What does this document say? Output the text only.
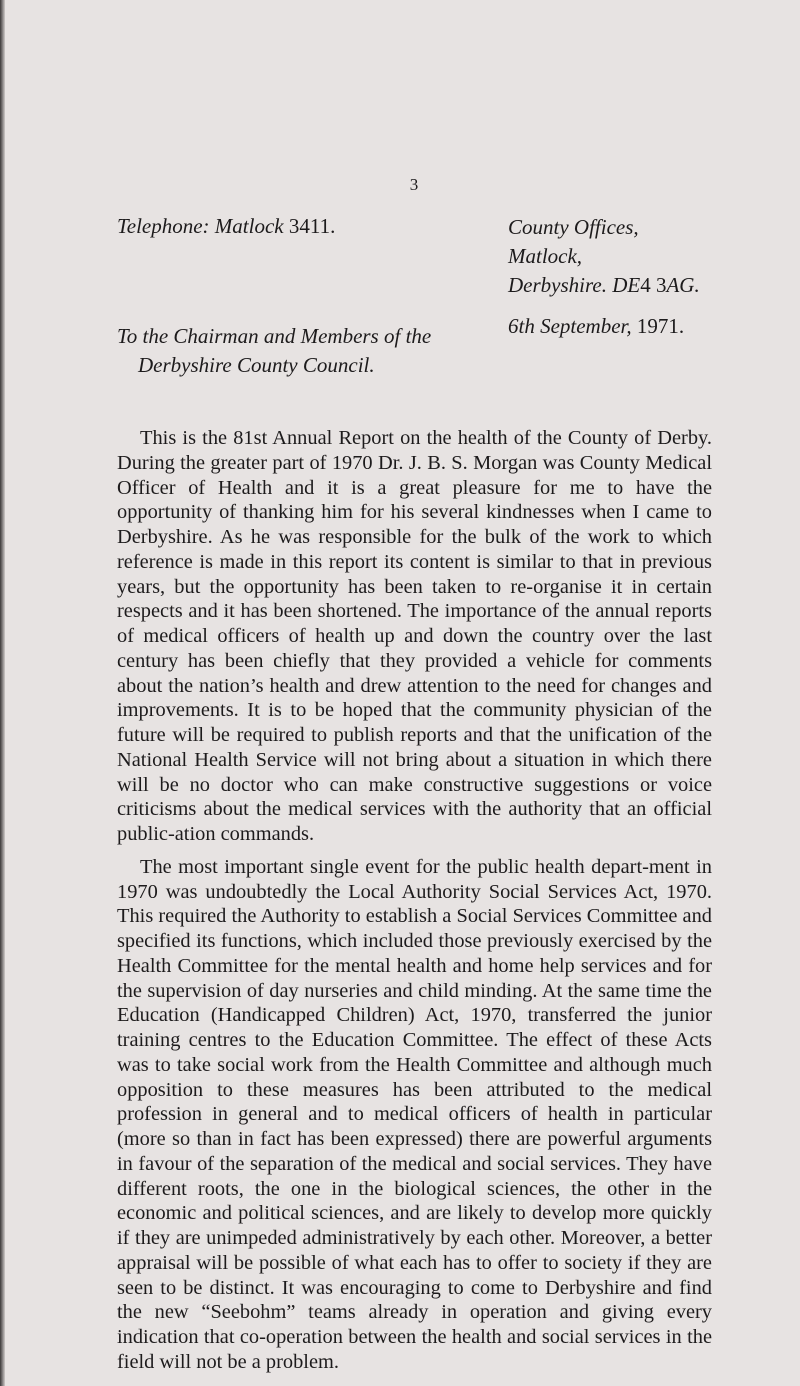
3
Telephone: Matlock 3411.	County Offices,
Matlock,
Derbyshire. DE4 3AG.
6th September, 1971.
To the Chairman and Members of the
Derbyshire County Council.

This is the 81st Annual Report on the health of the County of Derby. During the greater part of 1970 Dr. J. B. S. Morgan was County Medical Officer of Health and it is a great pleasure for me to have the opportunity of thanking him for his several kindnesses when I came to Derbyshire. As he was responsible for the bulk of the work to which reference is made in this report its content is similar to that in previous years, but the opportunity has been taken to re-organise it in certain respects and it has been shortened. The importance of the annual reports of medical officers of health up and down the country over the last century has been chiefly that they provided a vehicle for comments about the nation’s health and drew attention to the need for changes and improvements. It is to be hoped that the community physician of the future will be required to publish reports and that the unification of the National Health Service will not bring about a situation in which there will be no doctor who can make constructive suggestions or voice criticisms about the medical services with the authority that an official public-ation commands.

The most important single event for the public health depart-ment in 1970 was undoubtedly the Local Authority Social Services Act, 1970. This required the Authority to establish a Social Services Committee and specified its functions, which included those previously exercised by the Health Committee for the mental health and home help services and for the supervision of day nurseries and child minding. At the same time the Education (Handicapped Children) Act, 1970, transferred the junior training centres to the Education Committee. The effect of these Acts was to take social work from the Health Committee and although much opposition to these measures has been attributed to the medical profession in general and to medical officers of health in particular (more so than in fact has been expressed) there are powerful arguments in favour of the separation of the medical and social services. They have different roots, the one in the biological sciences, the other in the economic and political sciences, and are likely to develop more quickly if they are unimpeded administratively by each other. Moreover, a better appraisal will be possible of what each has to offer to society if they are seen to be distinct. It was encouraging to come to Derbyshire and find the new “Seebohm” teams already in operation and giving every indication that co-operation between the health and social services in the field will not be a problem.
